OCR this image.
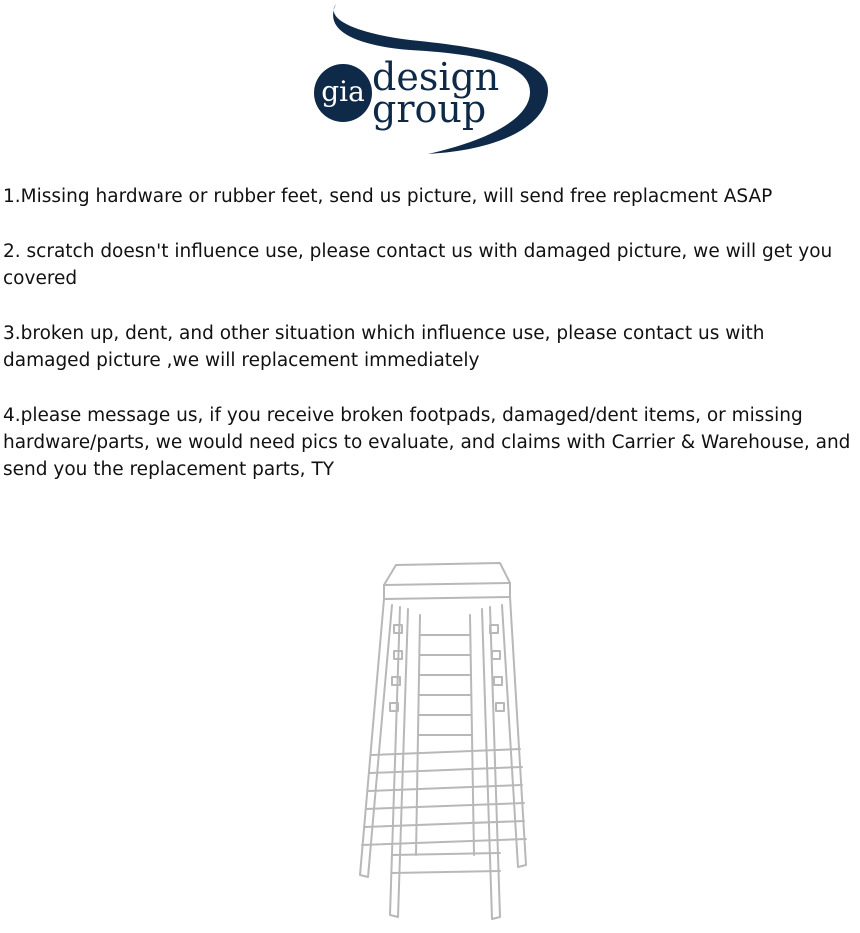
gia design
group
1.Missing hardware or rubber feet, send us picture, will send free replacment ASAP
2. scratch doesn't influence use, please contact us with damaged picture, we will get you covered
3.broken up, dent, and other situation which influence use, please contact us with damaged picture ,we will replacement immediately
4.please message us, if you receive broken footpads, damaged/dent items, or missing hardware/parts, we would need pics to evaluate, and claims with Carrier & Warehouse, and send you the replacement parts, TY
